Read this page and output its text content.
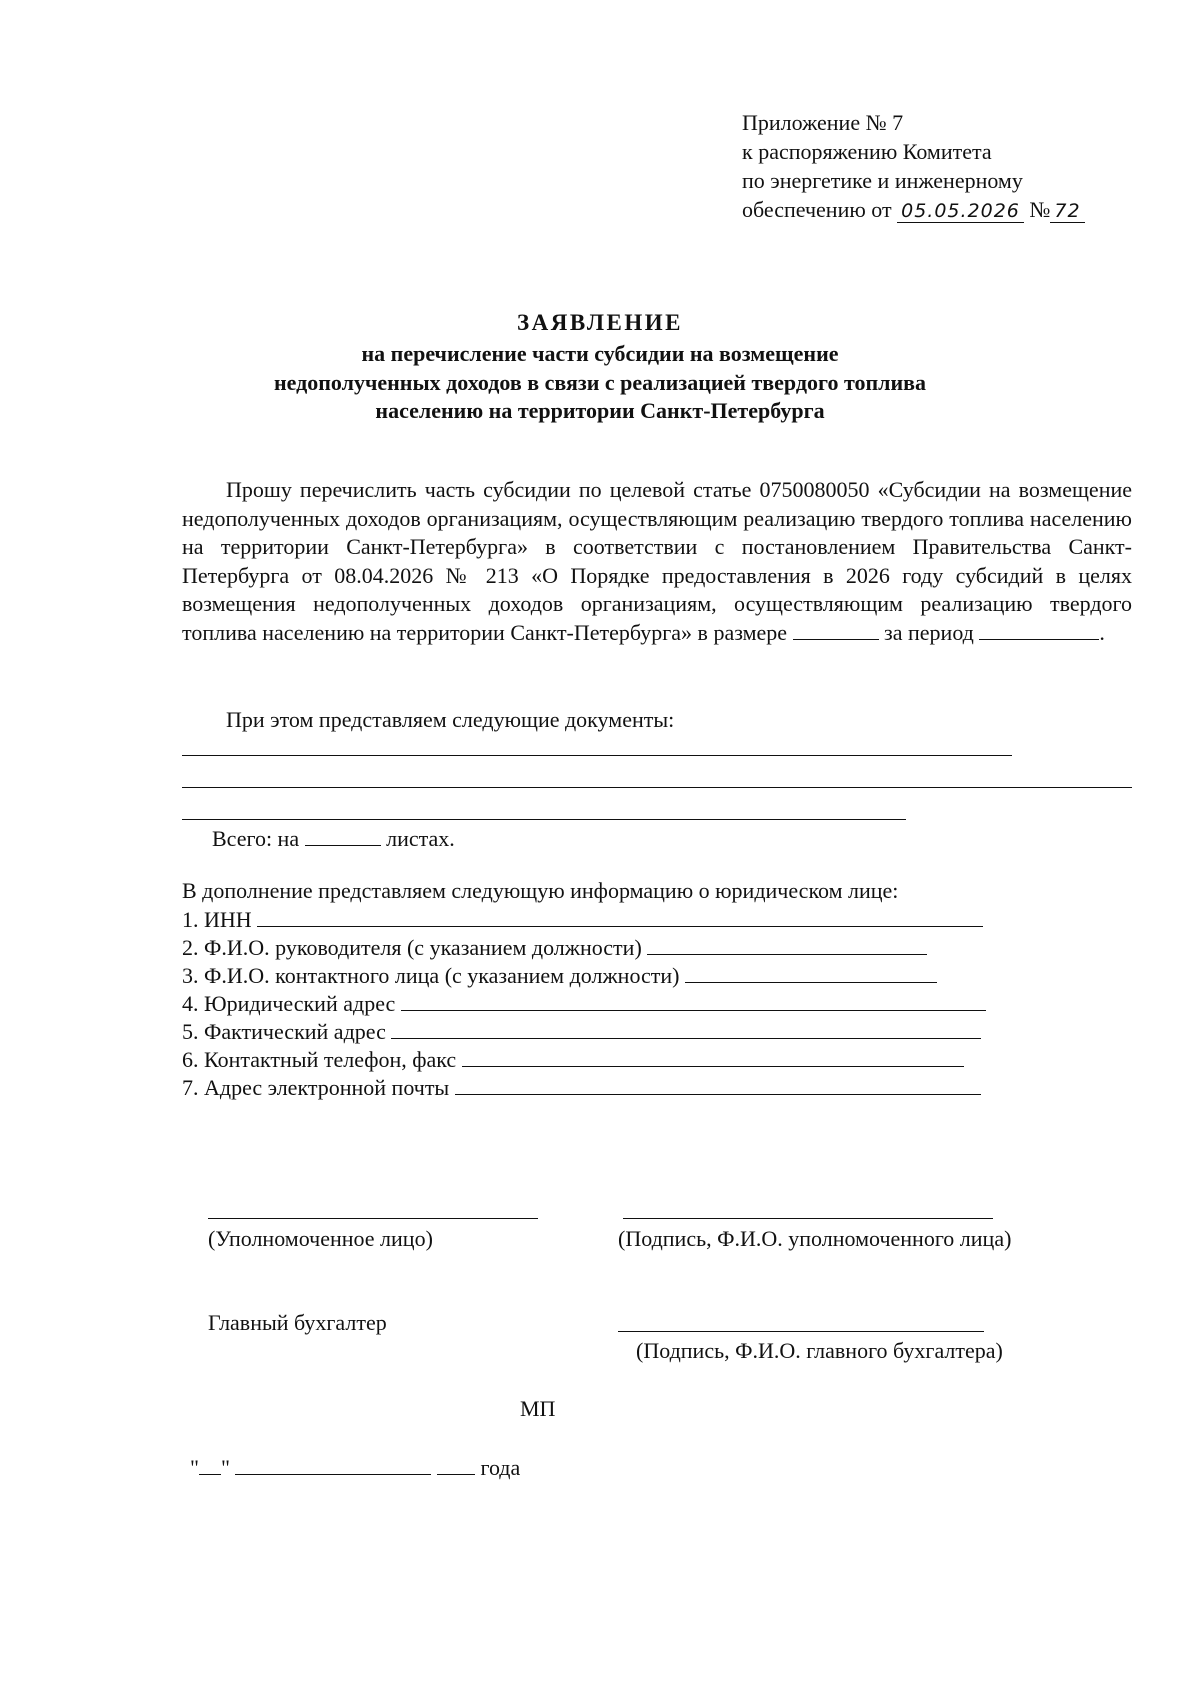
Приложение № 7
к распоряжению Комитета
по энергетике и инженерному
обеспечению от 05.05.2026 № 72
ЗАЯВЛЕНИЕ
на перечисление части субсидии на возмещение
недополученных доходов в связи с реализацией твердого топлива
населению на территории Санкт-Петербурга

Прошу перечислить часть субсидии по целевой статье 0750080050 «Субсидии на возмещение недополученных доходов организациям, осуществляющим реализацию твердого топлива населению на территории Санкт-Петербурга» в соответствии с постановлением Правительства Санкт-Петербурга от 08.04.2026 № 213 «О Порядке предоставления в 2026 году субсидий в целях возмещения недополученных доходов организациям, осуществляющим реализацию твердого топлива населению на территории Санкт-Петербурга» в размере	за период	.

При этом представляем следующие документы:
Всего: на	листах.
В дополнение представляем следующую информацию о юридическом лице:
1. ИНН
2. Ф.И.О. руководителя (с указанием должности)
3. Ф.И.О. контактного лица (с указанием должности)
4. Юридический адрес
5. Фактический адрес
6. Контактный телефон, факс
7. Адрес электронной почты
(Уполномоченное лицо)	(Подпись, Ф.И.О. уполномоченного лица)
Главный бухгалтер
(Подпись, Ф.И.О. главного бухгалтера)
МП
" "	года
